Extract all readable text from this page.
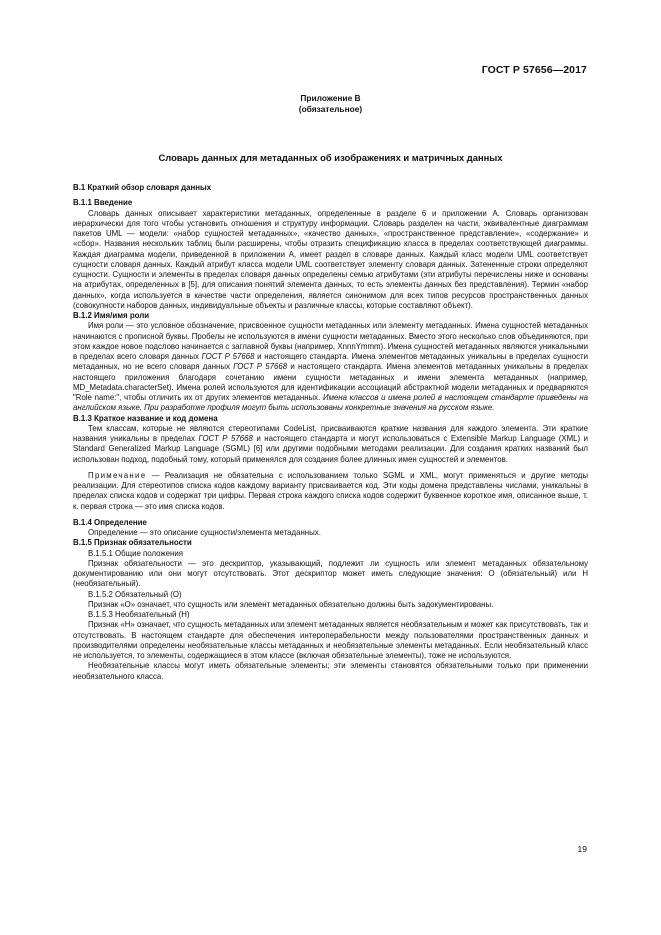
ГОСТ Р 57656—2017
Приложение В
(обязательное)
Словарь данных для метаданных об изображениях и матричных данных
В.1 Краткий обзор словаря данных
В.1.1 Введение

Словарь данных описывает характеристики метаданных, определенные в разделе 6 и приложении А. Словарь организован иерархически для того чтобы установить отношения и структуру информации. Словарь разделен на части, эквивалентные диаграммам пакетов UML — модели: «набор сущностей метаданных», «качество данных», «пространственное представление», «содержание» и «сбор». Названия нескольких таблиц были расширены, чтобы отразить спецификацию класса в пределах соответствующей диаграммы. Каждая диаграмма модели, приведенной в приложении А, имеет раздел в словаре данных. Каждый класс модели UML соответствует сущности словаря данных. Каждый атрибут класса модели UML соответствует элементу словаря данных. Затененные строки определяют сущности. Сущности и элементы в пределах словаря данных определены семью атрибутами (эти атрибуты перечислены ниже и основаны на атрибутах, определенных в [5], для описания понятий элемента данных, то есть элементы данных без представления). Термин «набор данных», когда используется в качестве части определения, является синонимом для всех типов ресурсов пространственных данных (совокупности наборов данных, индивидуальные объекты и различные классы, которые составляют объект).

В.1.2 Имя/имя роли

Имя роли — это условное обозначение, присвоенное сущности метаданных или элементу метаданных. Имена сущностей метаданных начинаются с прописной буквы. Пробелы не используются в имени сущности метаданных. Вместо этого несколько слов объединяются, при этом каждое новое подслово начинается с заглавной буквы (например, XnnnYmmm). Имена сущностей метаданных являются уникальными в пределах всего словаря данных ГОСТ Р 57668 и настоящего стандарта. Имена элементов метаданных уникальны в пределах сущности метаданных, но не всего словаря данных ГОСТ Р 57668 и настоящего стандарта. Имена элементов метаданных уникальны в пределах настоящего приложения благодаря сочетанию имени сущности метаданных и имени элемента метаданных (например, MD_Metadata.characterSet). Имена ролей используются для идентификации ассоциаций абстрактной модели метаданных и предваряются "Role name:", чтобы отличить их от других элементов метаданных. Имена классов и имена ролей в настоящем стандарте приведены на английском языке. При разработке профиля могут быть использованы конкретные значения на русском языке.

В.1.3 Краткое название и код домена

Тем классам, которые не являются стереотипами CodeList, присваиваются краткие названия для каждого элемента. Эти краткие названия уникальны в пределах ГОСТ Р 57668 и настоящего стандарта и могут использоваться с Extensible Markup Language (XML) и Standard Generalized Markup Language (SGML) [6] или другими подобными методами реализации. Для создания кратких названий был использован подход, подобный тому, который применялся для создания более длинных имен сущностей и элементов.

Примечание — Реализация не обязательна с использованием только SGML и XML, могут применяться и другие методы реализации. Для стереотипов списка кодов каждому варианту присваивается код. Эти коды домена представлены числами, уникальны в пределах списка кодов и содержат три цифры. Первая строка каждого списка кодов содержит буквенное короткое имя, описанное выше, т. к. первая строка — это имя списка кодов.

В.1.4 Определение

Определение — это описание сущности/элемента метаданных.

В.1.5 Признак обязательности
В.1.5.1 Общие положения

Признак обязательности — это дескриптор, указывающий, подлежит ли сущность или элемент метаданных обязательному документированию или они могут отсутствовать. Этот дескриптор может иметь следующие значения: О (обязательный) или Н (необязательный).

В.1.5.2 Обязательный (О)

Признак «О» означает, что сущность или элемент метаданных обязательно должны быть задокументированы.

В.1.5.3 Необязательный (Н)

Признак «Н» означает, что сущность метаданных или элемент метаданных является необязательным и может как присутствовать, так и отсутствовать. В настоящем стандарте для обеспечения интероперабельности между пользователями пространственных данных и производителями определены необязательные классы метаданных и необязательные элементы метаданных. Если необязательный класс не используется, то элементы, содержащиеся в этом классе (включая обязательные элементы), тоже не используются.

Необязательные классы могут иметь обязательные элементы; эти элементы становятся обязательными только при применении необязательного класса.

19
